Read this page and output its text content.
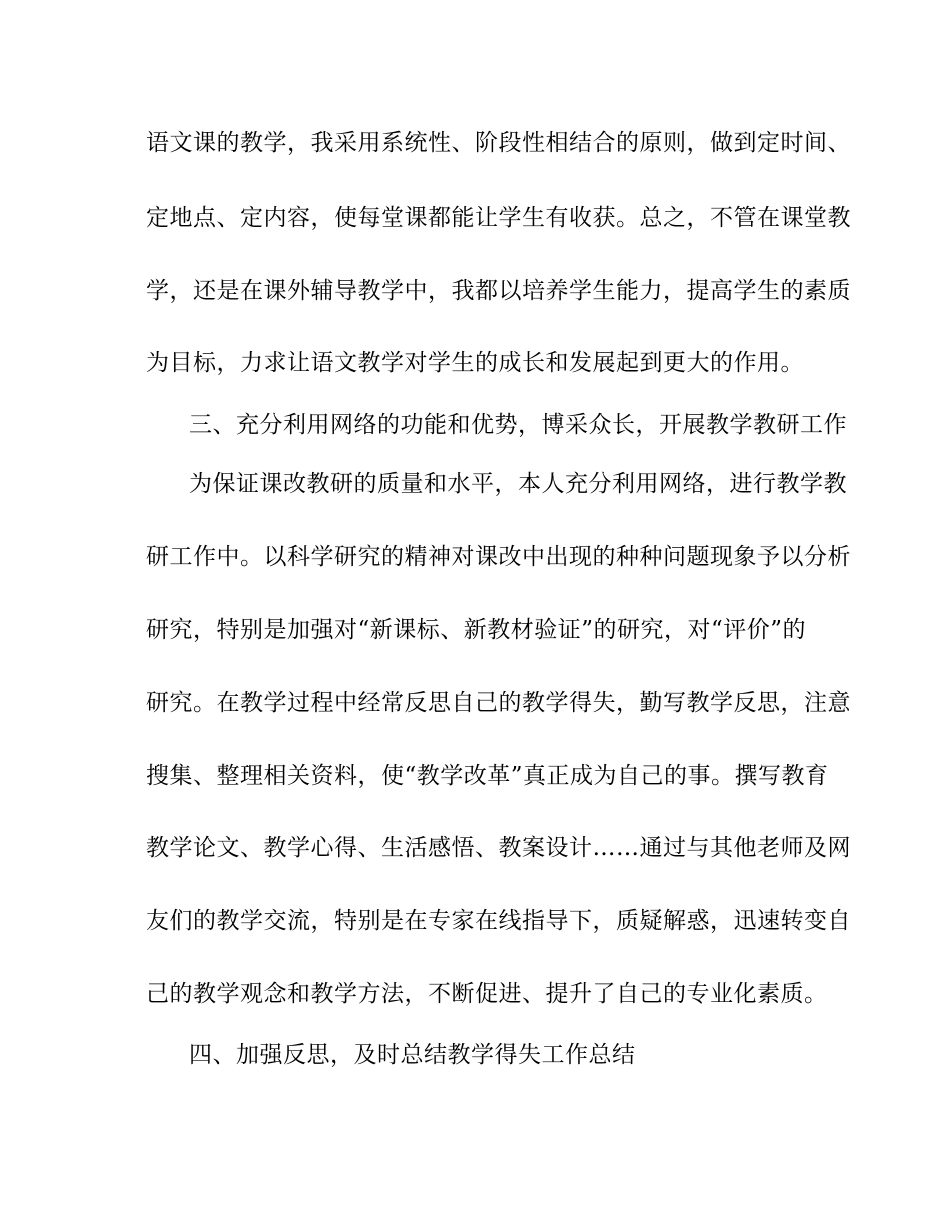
语文课的教学，我采用系统性、阶段性相结合的原则，做到定时间、
定地点、定内容，使每堂课都能让学生有收获。总之，不管在课堂教
学，还是在课外辅导教学中，我都以培养学生能力，提高学生的素质
为目标，力求让语文教学对学生的成长和发展起到更大的作用。
三、充分利用网络的功能和优势，博采众长，开展教学教研工作
为保证课改教研的质量和水平，本人充分利用网络，进行教学教
研工作中。以科学研究的精神对课改中出现的种种问题现象予以分析
研究，特别是加强对“新课标、新教材验证”的研究，对“评价”的
研究。在教学过程中经常反思自己的教学得失，勤写教学反思，注意
搜集、整理相关资料，使“教学改革”真正成为自己的事。撰写教育
教学论文、教学心得、生活感悟、教案设计……通过与其他老师及网
友们的教学交流，特别是在专家在线指导下，质疑解惑，迅速转变自
己的教学观念和教学方法，不断促进、提升了自己的专业化素质。
四、加强反思，及时总结教学得失工作总结
